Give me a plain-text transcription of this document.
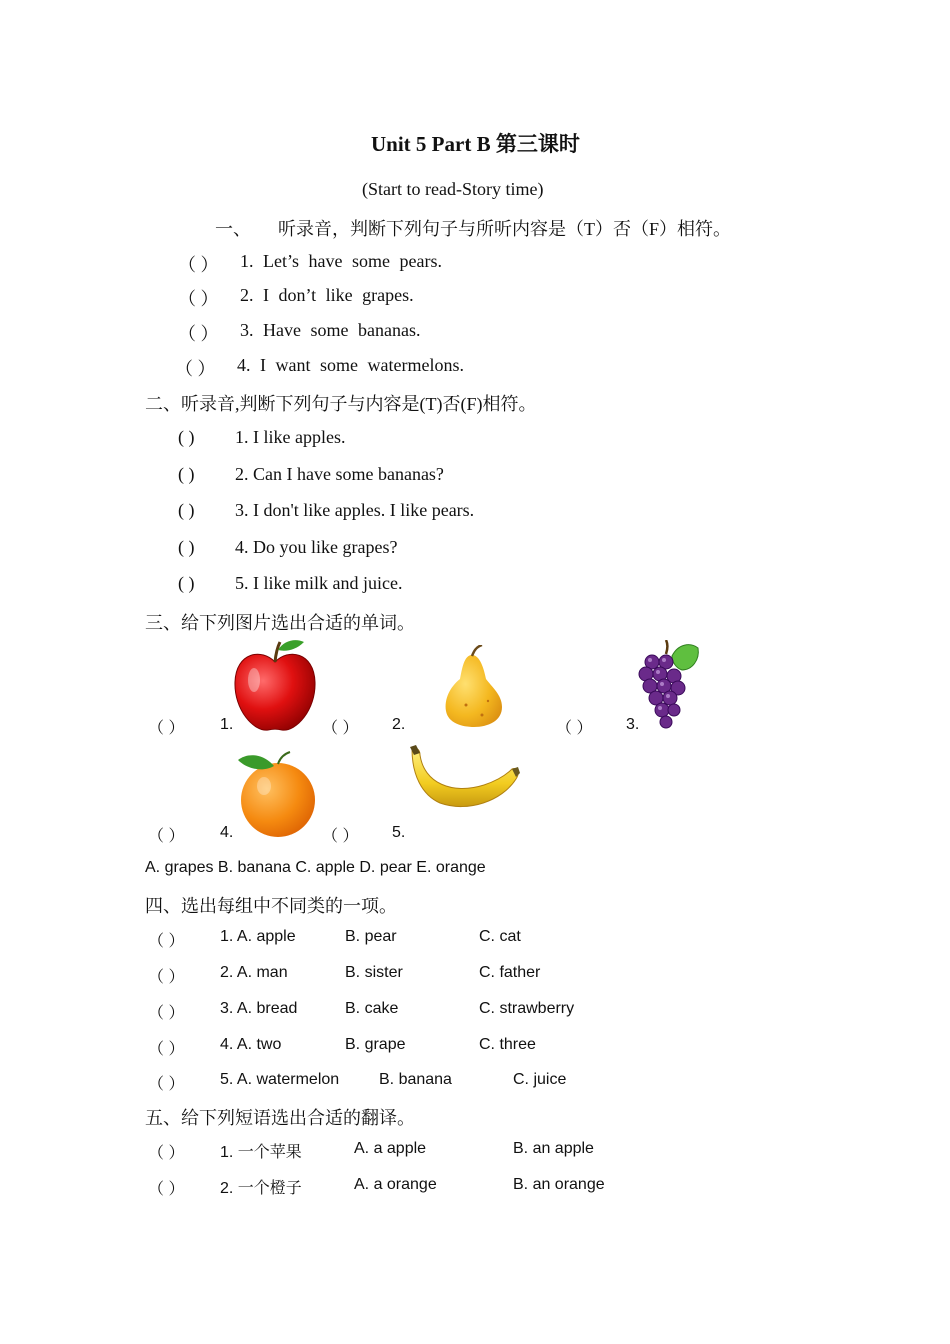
Unit 5 Part B 第三课时
(Start to read-Story time)
一、 听录音，判断下列句子与所听内容是（T）否（F）相符。
（ ） 1. Let’s have some pears.
（ ） 2. I don’t like grapes.
（ ） 3. Have some bananas.
（ ） 4. I want some watermelons.
二、听录音,判断下列句子与内容是(T)否(F)相符。
( ) 1. I like apples.
( ) 2. Can I have some bananas?
( ) 3. I don't like apples. I like pears.
( ) 4. Do you like grapes?
( ) 5. I like milk and juice.
三、给下列图片选出合适的单词。
（ ） 1.	（ ） 2.	（ ） 3.
（ ） 4.	（ ） 5.
A. grapes B. banana C. apple D. pear E. orange
四、选出每组中不同类的一项。
（ ） 1. A. apple	B. pear	C. cat
（ ） 2. A. man	B. sister	C. father
（ ） 3. A. bread	B. cake	C. strawberry
（ ） 4. A. two	B. grape	C. three
（ ） 5. A. watermelon B. banana	C. juice
五、给下列短语选出合适的翻译。
（ ） 1. 一个苹果	A. a apple	B. an apple
（ ） 2. 一个橙子	A. a orange	B. an orange
